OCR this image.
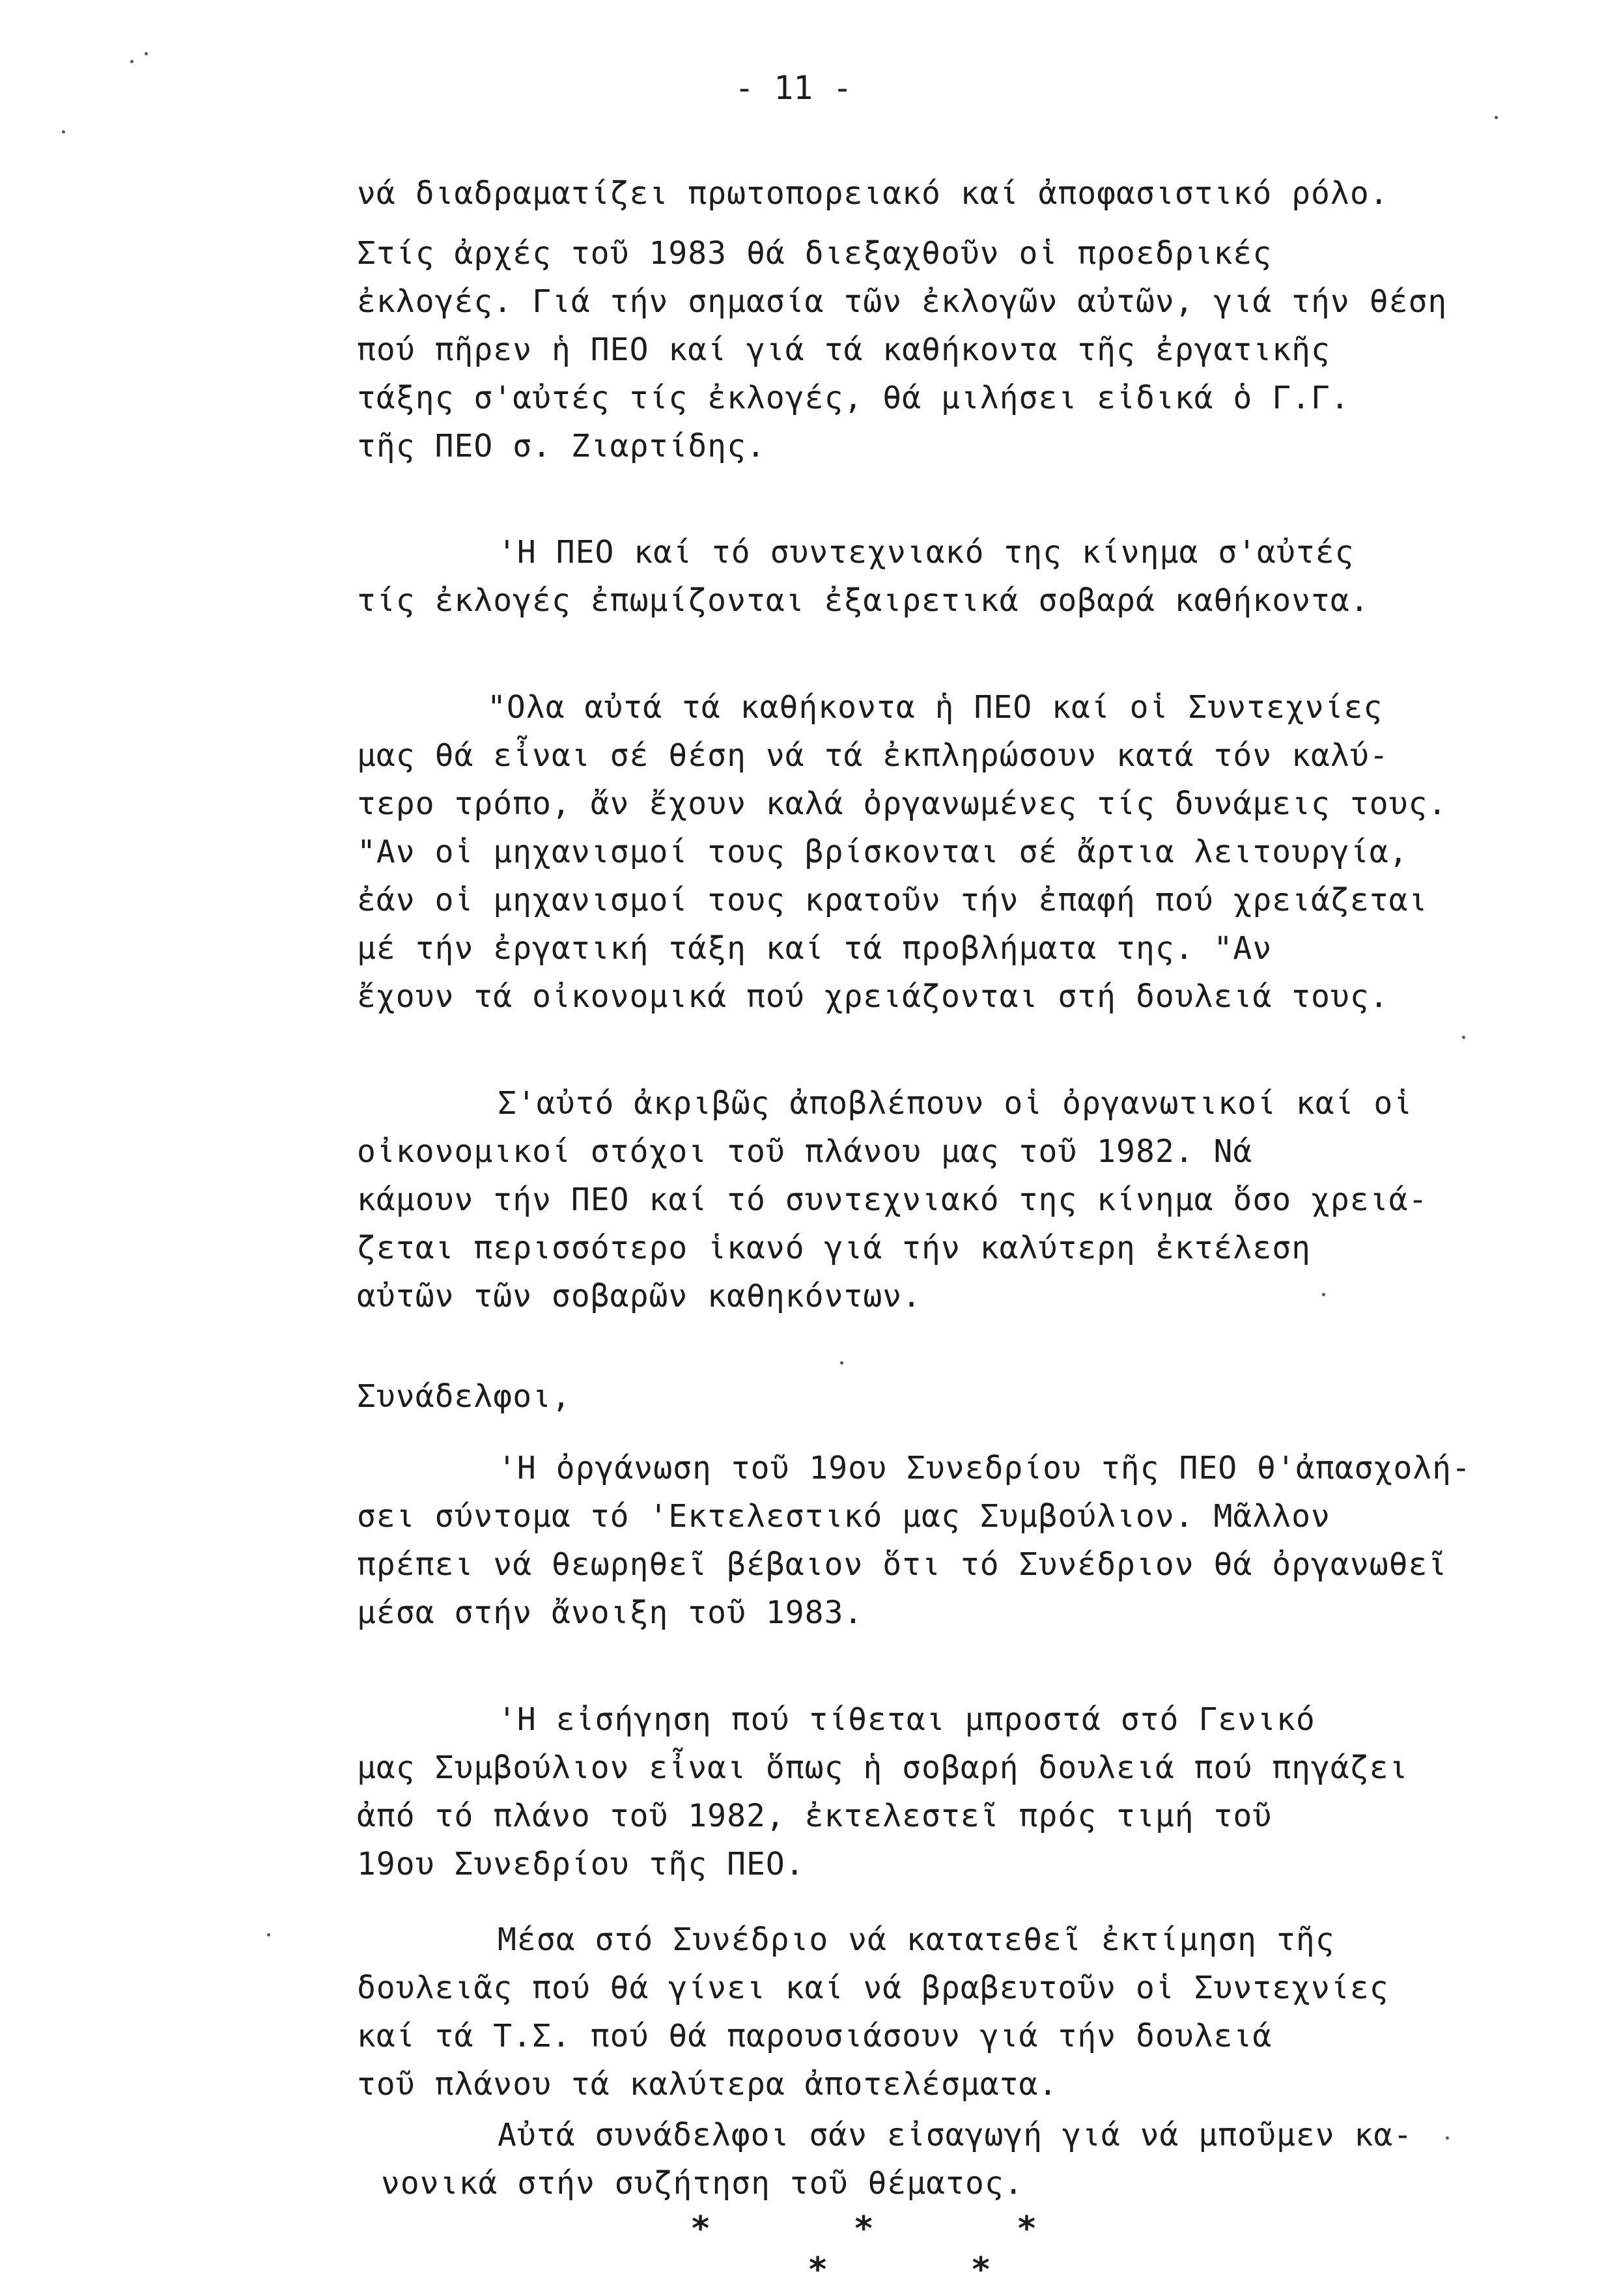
- 11 -
νά διαδραματίζει πρωτοπορειακό καί ἀποφασιστικό ρόλο.
Στίς ἀρχές τοῦ 1983 θά διεξαχθοῦν οἱ προεδρικές
ἐκλογές. Γιά τήν σημασία τῶν ἐκλογῶν αὐτῶν, γιά τήν θέση
πού πῆρεν ἡ ΠΕΟ καί γιά τά καθήκοντα τῆς ἐργατικῆς
τάξης σ'αὐτές τίς ἐκλογές, θά μιλήσει εἰδικά ὁ Γ.Γ.
τῆς ΠΕΟ σ. Ζιαρτίδης.
'Η ΠΕΟ καί τό συντεχνιακό της κίνημα σ'αὐτές
τίς ἐκλογές ἐπωμίζονται ἐξαιρετικά σοβαρά καθήκοντα.
"Ολα αὐτά τά καθήκοντα ἡ ΠΕΟ καί οἱ Συντεχνίες
μας θά εἶναι σέ θέση νά τά ἐκπληρώσουν κατά τόν καλύ-
τερο τρόπο, ἄν ἔχουν καλά ὀργανωμένες τίς δυνάμεις τους.
"Αν οἱ μηχανισμοί τους βρίσκονται σέ ἄρτια λειτουργία,
ἐάν οἱ μηχανισμοί τους κρατοῦν τήν ἐπαφή πού χρειάζεται
μέ τήν ἐργατική τάξη καί τά προβλήματα της. "Αν
ἔχουν τά οἰκονομικά πού χρειάζονται στή δουλειά τους.
Σ'αὐτό ἀκριβῶς ἀποβλέπουν οἱ ὀργανωτικοί καί οἱ
οἰκονομικοί στόχοι τοῦ πλάνου μας τοῦ 1982. Νά
κάμουν τήν ΠΕΟ καί τό συντεχνιακό της κίνημα ὅσο χρειά-
ζεται περισσότερο ἱκανό γιά τήν καλύτερη ἐκτέλεση
αὐτῶν τῶν σοβαρῶν καθηκόντων.
Συνάδελφοι,
'Η ὀργάνωση τοῦ 19ου Συνεδρίου τῆς ΠΕΟ θ'ἀπασχολή-
σει σύντομα τό 'Εκτελεστικό μας Συμβούλιον. Μᾶλλον
πρέπει νά θεωρηθεῖ βέβαιον ὅτι τό Συνέδριον θά ὀργανωθεῖ
μέσα στήν ἄνοιξη τοῦ 1983.
'Η εἰσήγηση πού τίθεται μπροστά στό Γενικό
μας Συμβούλιον εἶναι ὅπως ἡ σοβαρή δουλειά πού πηγάζει
ἀπό τό πλάνο τοῦ 1982, ἐκτελεστεῖ πρός τιμή τοῦ
19ου Συνεδρίου τῆς ΠΕΟ.
Μέσα στό Συνέδριο νά κατατεθεῖ ἐκτίμηση τῆς
δουλειᾶς πού θά γίνει καί νά βραβευτοῦν οἱ Συντεχνίες
καί τά Τ.Σ. πού θά παρουσιάσουν γιά τήν δουλειά
τοῦ πλάνου τά καλύτερα ἀποτελέσματα.
Αὐτά συνάδελφοι σάν εἰσαγωγή γιά νά μποῦμεν κα-
νονικά στήν συζήτηση τοῦ θέματος.
*       *       *
*       *
